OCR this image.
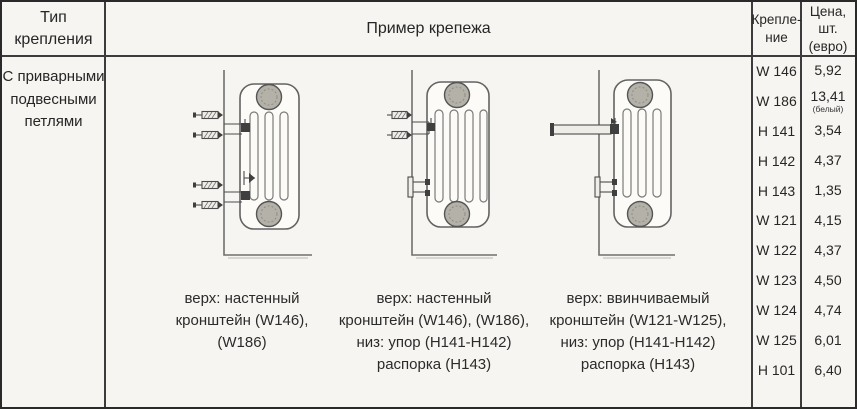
Тип крепления
Пример крепежа
Крепле-
ние
Цена, шт.
(евро)
С приварными подвесными петлями
верх: настенный
кронштейн (W146),
(W186)
верх: настенный
кронштейн (W146), (W186),
низ: упор (H141-H142)
распорка (H143)
верх: ввинчиваемый
кронштейн (W121-W125),
низ: упор (H141-H142)
распорка (H143)
W 146
W 186
H 141
H 142
H 143
W 121
W 122
W 123
W 124
W 125
H 101
5,92
13,41
(белый)
3,54
4,37
1,35
4,15
4,37
4,50
4,74
6,01
6,40
